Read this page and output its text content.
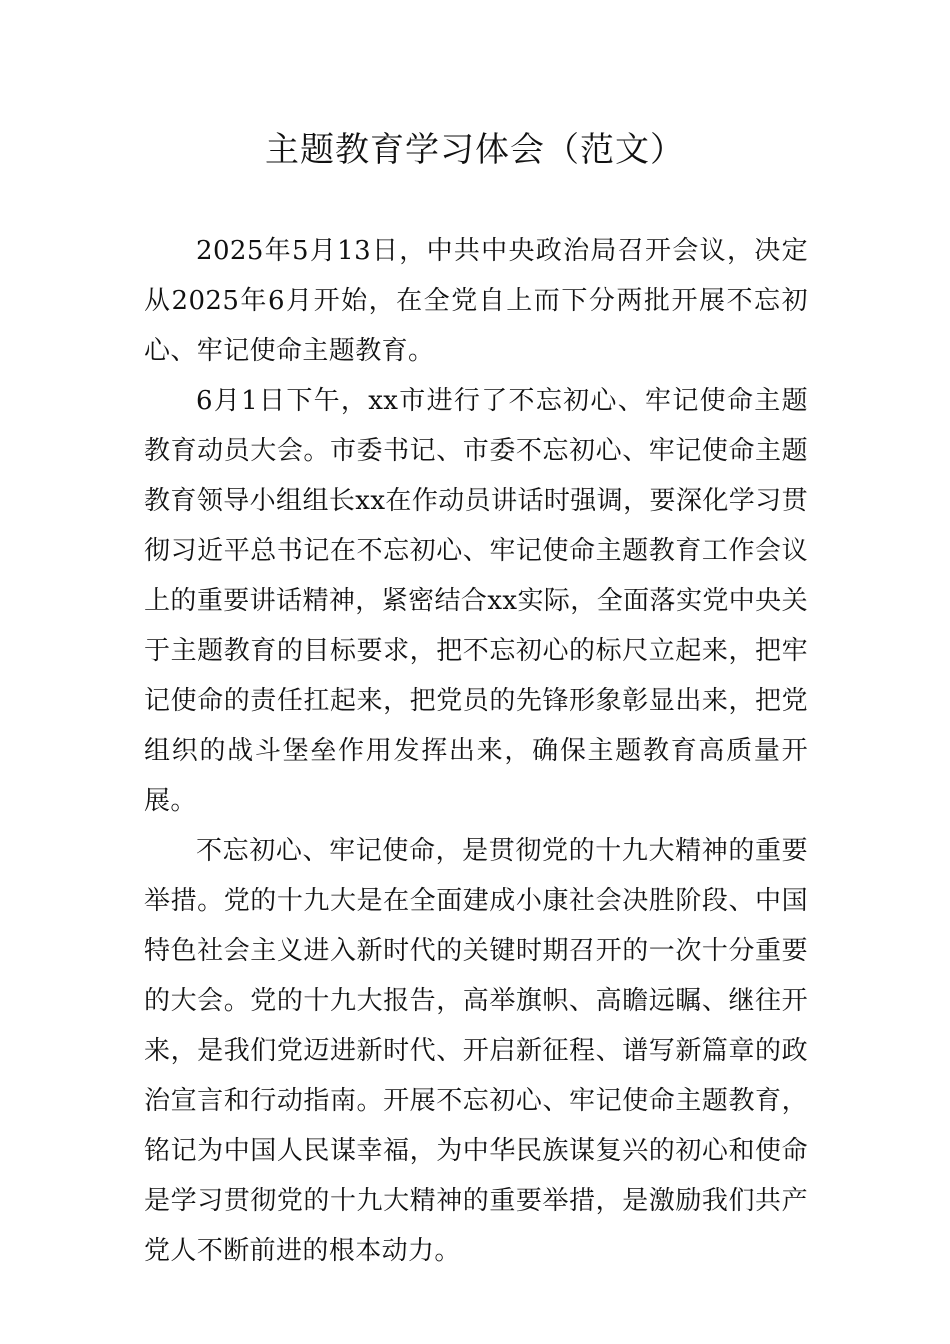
主题教育学习体会（范文）

2025年5月13日，中共中央政治局召开会议，决定从2025年6月开始，在全党自上而下分两批开展不忘初心、牢记使命主题教育。

6月1日下午，xx市进行了不忘初心、牢记使命主题教育动员大会。市委书记、市委不忘初心、牢记使命主题教育领导小组组长xx在作动员讲话时强调，要深化学习贯彻习近平总书记在不忘初心、牢记使命主题教育工作会议上的重要讲话精神，紧密结合xx实际，全面落实党中央关于主题教育的目标要求，把不忘初心的标尺立起来，把牢记使命的责任扛起来，把党员的先锋形象彰显出来，把党组织的战斗堡垒作用发挥出来，确保主题教育高质量开展。

不忘初心、牢记使命，是贯彻党的十九大精神的重要举措。党的十九大是在全面建成小康社会决胜阶段、中国特色社会主义进入新时代的关键时期召开的一次十分重要的大会。党的十九大报告，高举旗帜、高瞻远瞩、继往开来，是我们党迈进新时代、开启新征程、谱写新篇章的政治宣言和行动指南。开展不忘初心、牢记使命主题教育，铭记为中国人民谋幸福，为中华民族谋复兴的初心和使命是学习贯彻党的十九大精神的重要举措，是激励我们共产党人不断前进的根本动力。
